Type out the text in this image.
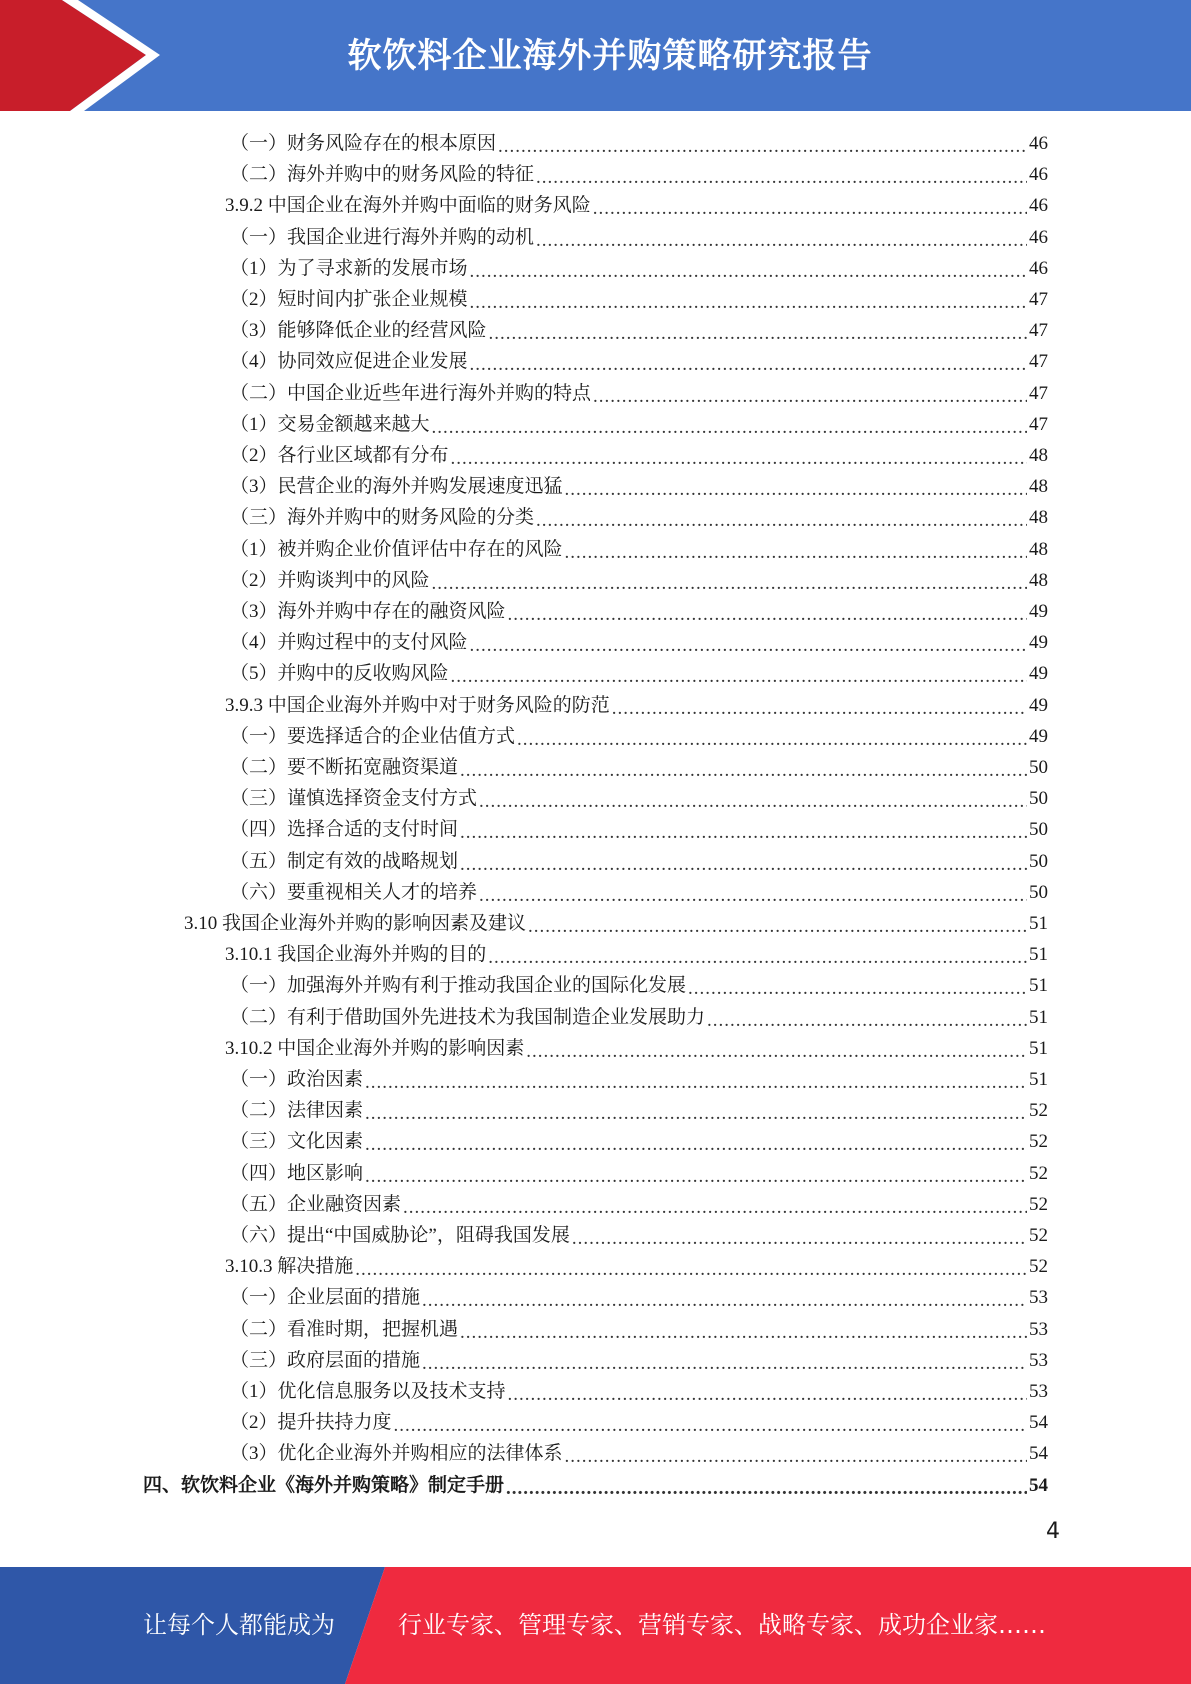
软饮料企业海外并购策略研究报告
（一）财务风险存在的根本原因 .....	46
（二）海外并购中的财务风险的特征 .....	46
3.9.2 中国企业在海外并购中面临的财务风险 .....	46
（一）我国企业进行海外并购的动机 .....	46
（1）为了寻求新的发展市场 .....	46
（2）短时间内扩张企业规模 .....	47
（3）能够降低企业的经营风险 .....	47
（4）协同效应促进企业发展 .....	47
（二）中国企业近些年进行海外并购的特点 .....	47
（1）交易金额越来越大 .....	47
（2）各行业区域都有分布 .....	48
（3）民营企业的海外并购发展速度迅猛 .....	48
（三）海外并购中的财务风险的分类 .....	48
（1）被并购企业价值评估中存在的风险 .....	48
（2）并购谈判中的风险 .....	48
（3）海外并购中存在的融资风险 .....	49
（4）并购过程中的支付风险 .....	49
（5）并购中的反收购风险 .....	49
3.9.3 中国企业海外并购中对于财务风险的防范 .....	49
（一）要选择适合的企业估值方式 .....	49
（二）要不断拓宽融资渠道 .....	50
（三）谨慎选择资金支付方式 .....	50
（四）选择合适的支付时间 .....	50
（五）制定有效的战略规划 .....	50
（六）要重视相关人才的培养 .....	50
3.10 我国企业海外并购的影响因素及建议 .....	51
3.10.1 我国企业海外并购的目的 .....	51
（一）加强海外并购有利于推动我国企业的国际化发展 .....	51
（二）有利于借助国外先进技术为我国制造企业发展助力 .....	51
3.10.2 中国企业海外并购的影响因素 .....	51
（一）政治因素 .....	51
（二）法律因素 .....	52
（三）文化因素 .....	52
（四）地区影响 .....	52
（五）企业融资因素 .....	52
（六）提出“中国威胁论”，阻碍我国发展 .....	52
3.10.3 解决措施 .....	52
（一）企业层面的措施 .....	53
（二）看准时期，把握机遇 .....	53
（三）政府层面的措施 .....	53
（1）优化信息服务以及技术支持 .....	53
（2）提升扶持力度 .....	54
（3）优化企业海外并购相应的法律体系 .....	54
四、软饮料企业《海外并购策略》制定手册 .....	54
4
让每个人都能成为	行业专家、管理专家、营销专家、战略专家、成功企业家……
